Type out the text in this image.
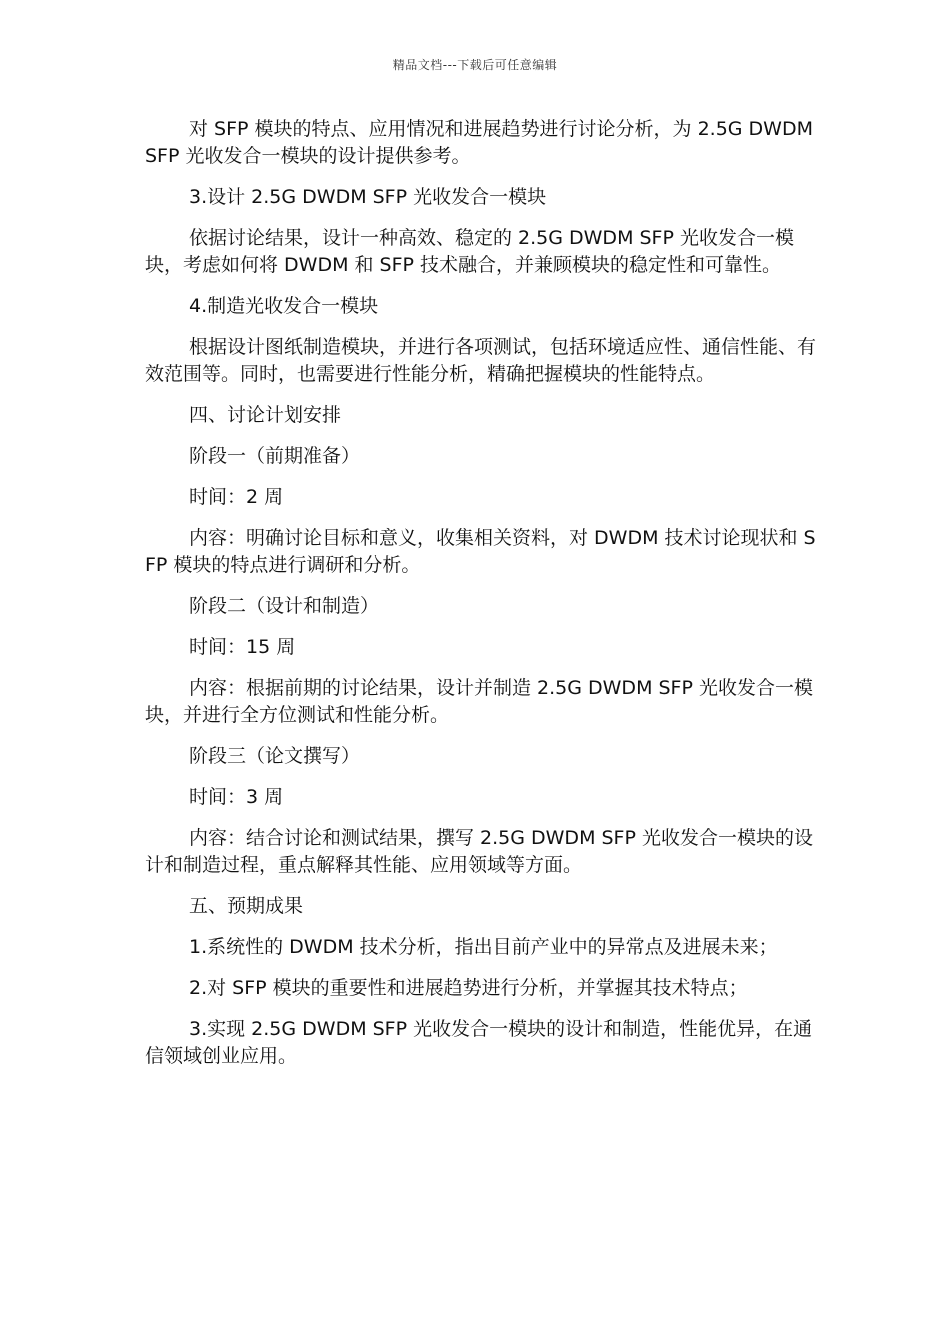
精品文档---下载后可任意编辑

对 SFP 模块的特点、应用情况和进展趋势进行讨论分析，为 2.5G DWDM SFP 光收发合一模块的设计提供参考。

3.设计 2.5G DWDM SFP 光收发合一模块

依据讨论结果，设计一种高效、稳定的 2.5G DWDM SFP 光收发合一模块，考虑如何将 DWDM 和 SFP 技术融合，并兼顾模块的稳定性和可靠性。

4.制造光收发合一模块

根据设计图纸制造模块，并进行各项测试，包括环境适应性、通信性能、有效范围等。同时，也需要进行性能分析，精确把握模块的性能特点。

四、讨论计划安排

阶段一（前期准备）

时间：2 周

内容：明确讨论目标和意义，收集相关资料，对 DWDM 技术讨论现状和 SFP 模块的特点进行调研和分析。

阶段二（设计和制造）

时间：15 周

内容：根据前期的讨论结果，设计并制造 2.5G DWDM SFP 光收发合一模块，并进行全方位测试和性能分析。

阶段三（论文撰写）

时间：3 周

内容：结合讨论和测试结果，撰写 2.5G DWDM SFP 光收发合一模块的设计和制造过程，重点解释其性能、应用领域等方面。

五、预期成果

1.系统性的 DWDM 技术分析，指出目前产业中的异常点及进展未来；

2.对 SFP 模块的重要性和进展趋势进行分析，并掌握其技术特点；

3.实现 2.5G DWDM SFP 光收发合一模块的设计和制造，性能优异，在通信领域创业应用。
